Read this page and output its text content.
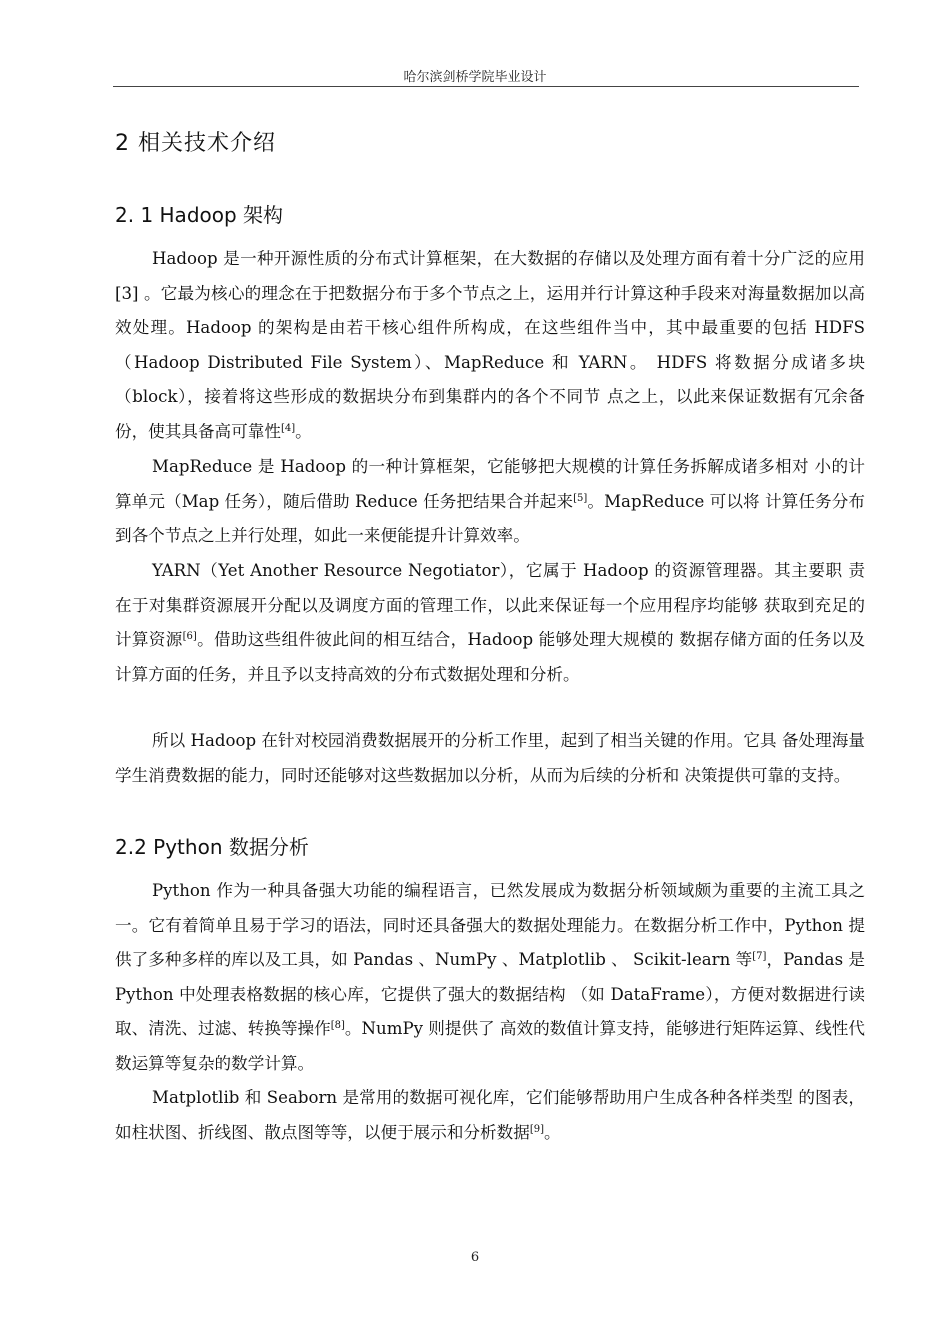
哈尔滨剑桥学院毕业设计
2 相关技术介绍
2. 1 Hadoop 架构

Hadoop 是一种开源性质的分布式计算框架，在大数据的存储以及处理方面有着十分广泛的应用[3] 。它最为核心的理念在于把数据分布于多个节点之上，运用并行计算这种手段来对海量数据加以高效处理。Hadoop 的架构是由若干核心组件所构成，在这些组件当中，其中最重要的包括 HDFS（Hadoop Distributed File System）、MapReduce 和 YARN。 HDFS 将数据分成诸多块（block），接着将这些形成的数据块分布到集群内的各个不同节 点之上，以此来保证数据有冗余备份，使其具备高可靠性[4]。

MapReduce 是 Hadoop 的一种计算框架，它能够把大规模的计算任务拆解成诸多相对 小的计算单元（Map 任务），随后借助 Reduce 任务把结果合并起来[5]。MapReduce 可以将 计算任务分布到各个节点之上并行处理，如此一来便能提升计算效率。

YARN（Yet Another Resource Negotiator），它属于 Hadoop 的资源管理器。其主要职 责在于对集群资源展开分配以及调度方面的管理工作，以此来保证每一个应用程序均能够 获取到充足的计算资源[6]。借助这些组件彼此间的相互结合，Hadoop 能够处理大规模的 数据存储方面的任务以及计算方面的任务，并且予以支持高效的分布式数据处理和分析。

所以 Hadoop 在针对校园消费数据展开的分析工作里，起到了相当关键的作用。它具 备处理海量学生消费数据的能力，同时还能够对这些数据加以分析，从而为后续的分析和 决策提供可靠的支持。

2.2 Python 数据分析

Python 作为一种具备强大功能的编程语言，已然发展成为数据分析领域颇为重要的主流工具之一。它有着简单且易于学习的语法，同时还具备强大的数据处理能力。在数据分析工作中，Python 提供了多种多样的库以及工具，如 Pandas 、NumPy 、Matplotlib 、 Scikit-learn 等[7]，Pandas 是 Python 中处理表格数据的核心库，它提供了强大的数据结构 （如 DataFrame），方便对数据进行读取、清洗、过滤、转换等操作[8]。NumPy 则提供了 高效的数值计算支持，能够进行矩阵运算、线性代数运算等复杂的数学计算。

Matplotlib 和 Seaborn 是常用的数据可视化库，它们能够帮助用户生成各种各样类型 的图表，如柱状图、折线图、散点图等等，以便于展示和分析数据[9]。

6
